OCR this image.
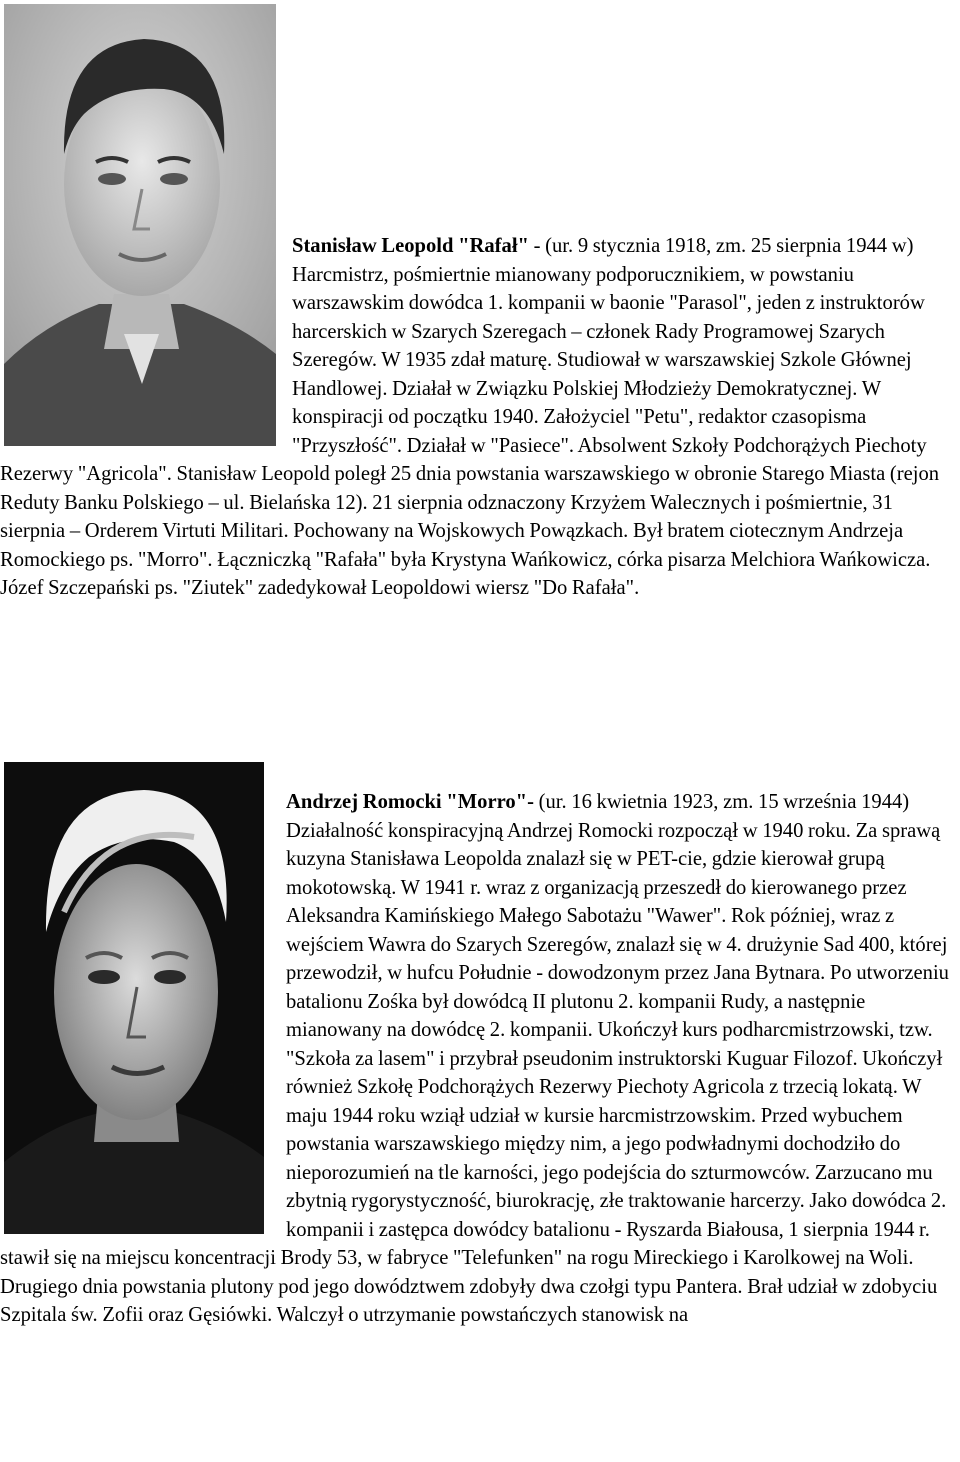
Stanisław Leopold "Rafał" - (ur. 9 stycznia 1918, zm. 25 sierpnia 1944 w)
Harcmistrz, pośmiertnie mianowany podporucznikiem, w powstaniu warszawskim dowódca 1. kompanii w baonie "Parasol", jeden z instruktorów harcerskich w Szarych Szeregach – członek Rady Programowej Szarych Szeregów. W 1935 zdał maturę. Studiował w warszawskiej Szkole Głównej Handlowej. Działał w Związku Polskiej Młodzieży Demokratycznej. W konspiracji od początku 1940. Założyciel "Petu", redaktor czasopisma "Przyszłość". Działał w "Pasiece". Absolwent Szkoły Podchorążych Piechoty Rezerwy "Agricola". Stanisław Leopold poległ 25 dnia powstania warszawskiego w obronie Starego Miasta (rejon Reduty Banku Polskiego – ul. Bielańska 12). 21 sierpnia odznaczony Krzyżem Walecznych i pośmiertnie, 31 sierpnia – Orderem Virtuti Militari. Pochowany na Wojskowych Powązkach. Był bratem ciotecznym Andrzeja Romockiego ps. "Morro". Łączniczką "Rafała" była Krystyna Wańkowicz, córka pisarza Melchiora Wańkowicza. Józef Szczepański ps. "Ziutek" zadedykował Leopoldowi wiersz "Do Rafała".
Andrzej Romocki "Morro"- (ur. 16 kwietnia 1923, zm. 15 września 1944)
Działalność konspiracyjną Andrzej Romocki rozpoczął w 1940 roku. Za sprawą kuzyna Stanisława Leopolda znalazł się w PET-cie, gdzie kierował grupą mokotowską. W 1941 r. wraz z organizacją przeszedł do kierowanego przez Aleksandra Kamińskiego Małego Sabotażu "Wawer". Rok później, wraz z wejściem Wawra do Szarych Szeregów, znalazł się w 4. drużynie Sad 400, której przewodził, w hufcu Południe - dowodzonym przez Jana Bytnara. Po utworzeniu batalionu Zośka był dowódcą II plutonu 2. kompanii Rudy, a następnie mianowany na dowódcę 2. kompanii. Ukończył kurs podharcmistrzowski, tzw. "Szkoła za lasem" i przybrał pseudonim instruktorski Kuguar Filozof. Ukończył również Szkołę Podchorążych Rezerwy Piechoty Agricola z trzecią lokatą. W maju 1944 roku wziął udział w kursie harcmistrzowskim. Przed wybuchem powstania warszawskiego między nim, a jego podwładnymi dochodziło do nieporozumień na tle karności, jego podejścia do szturmowców. Zarzucano mu zbytnią rygorystyczność, biurokrację, złe traktowanie harcerzy. Jako dowódca 2. kompanii i zastępca dowódcy batalionu - Ryszarda Białousa, 1 sierpnia 1944 r. stawił się na miejscu koncentracji Brody 53, w fabryce "Telefunken" na rogu Mireckiego i Karolkowej na Woli. Drugiego dnia powstania plutony pod jego dowództwem zdobyły dwa czołgi typu Pantera. Brał udział w zdobyciu Szpitala św. Zofii oraz Gęsiówki. Walczył o utrzymanie powstańczych stanowisk na
